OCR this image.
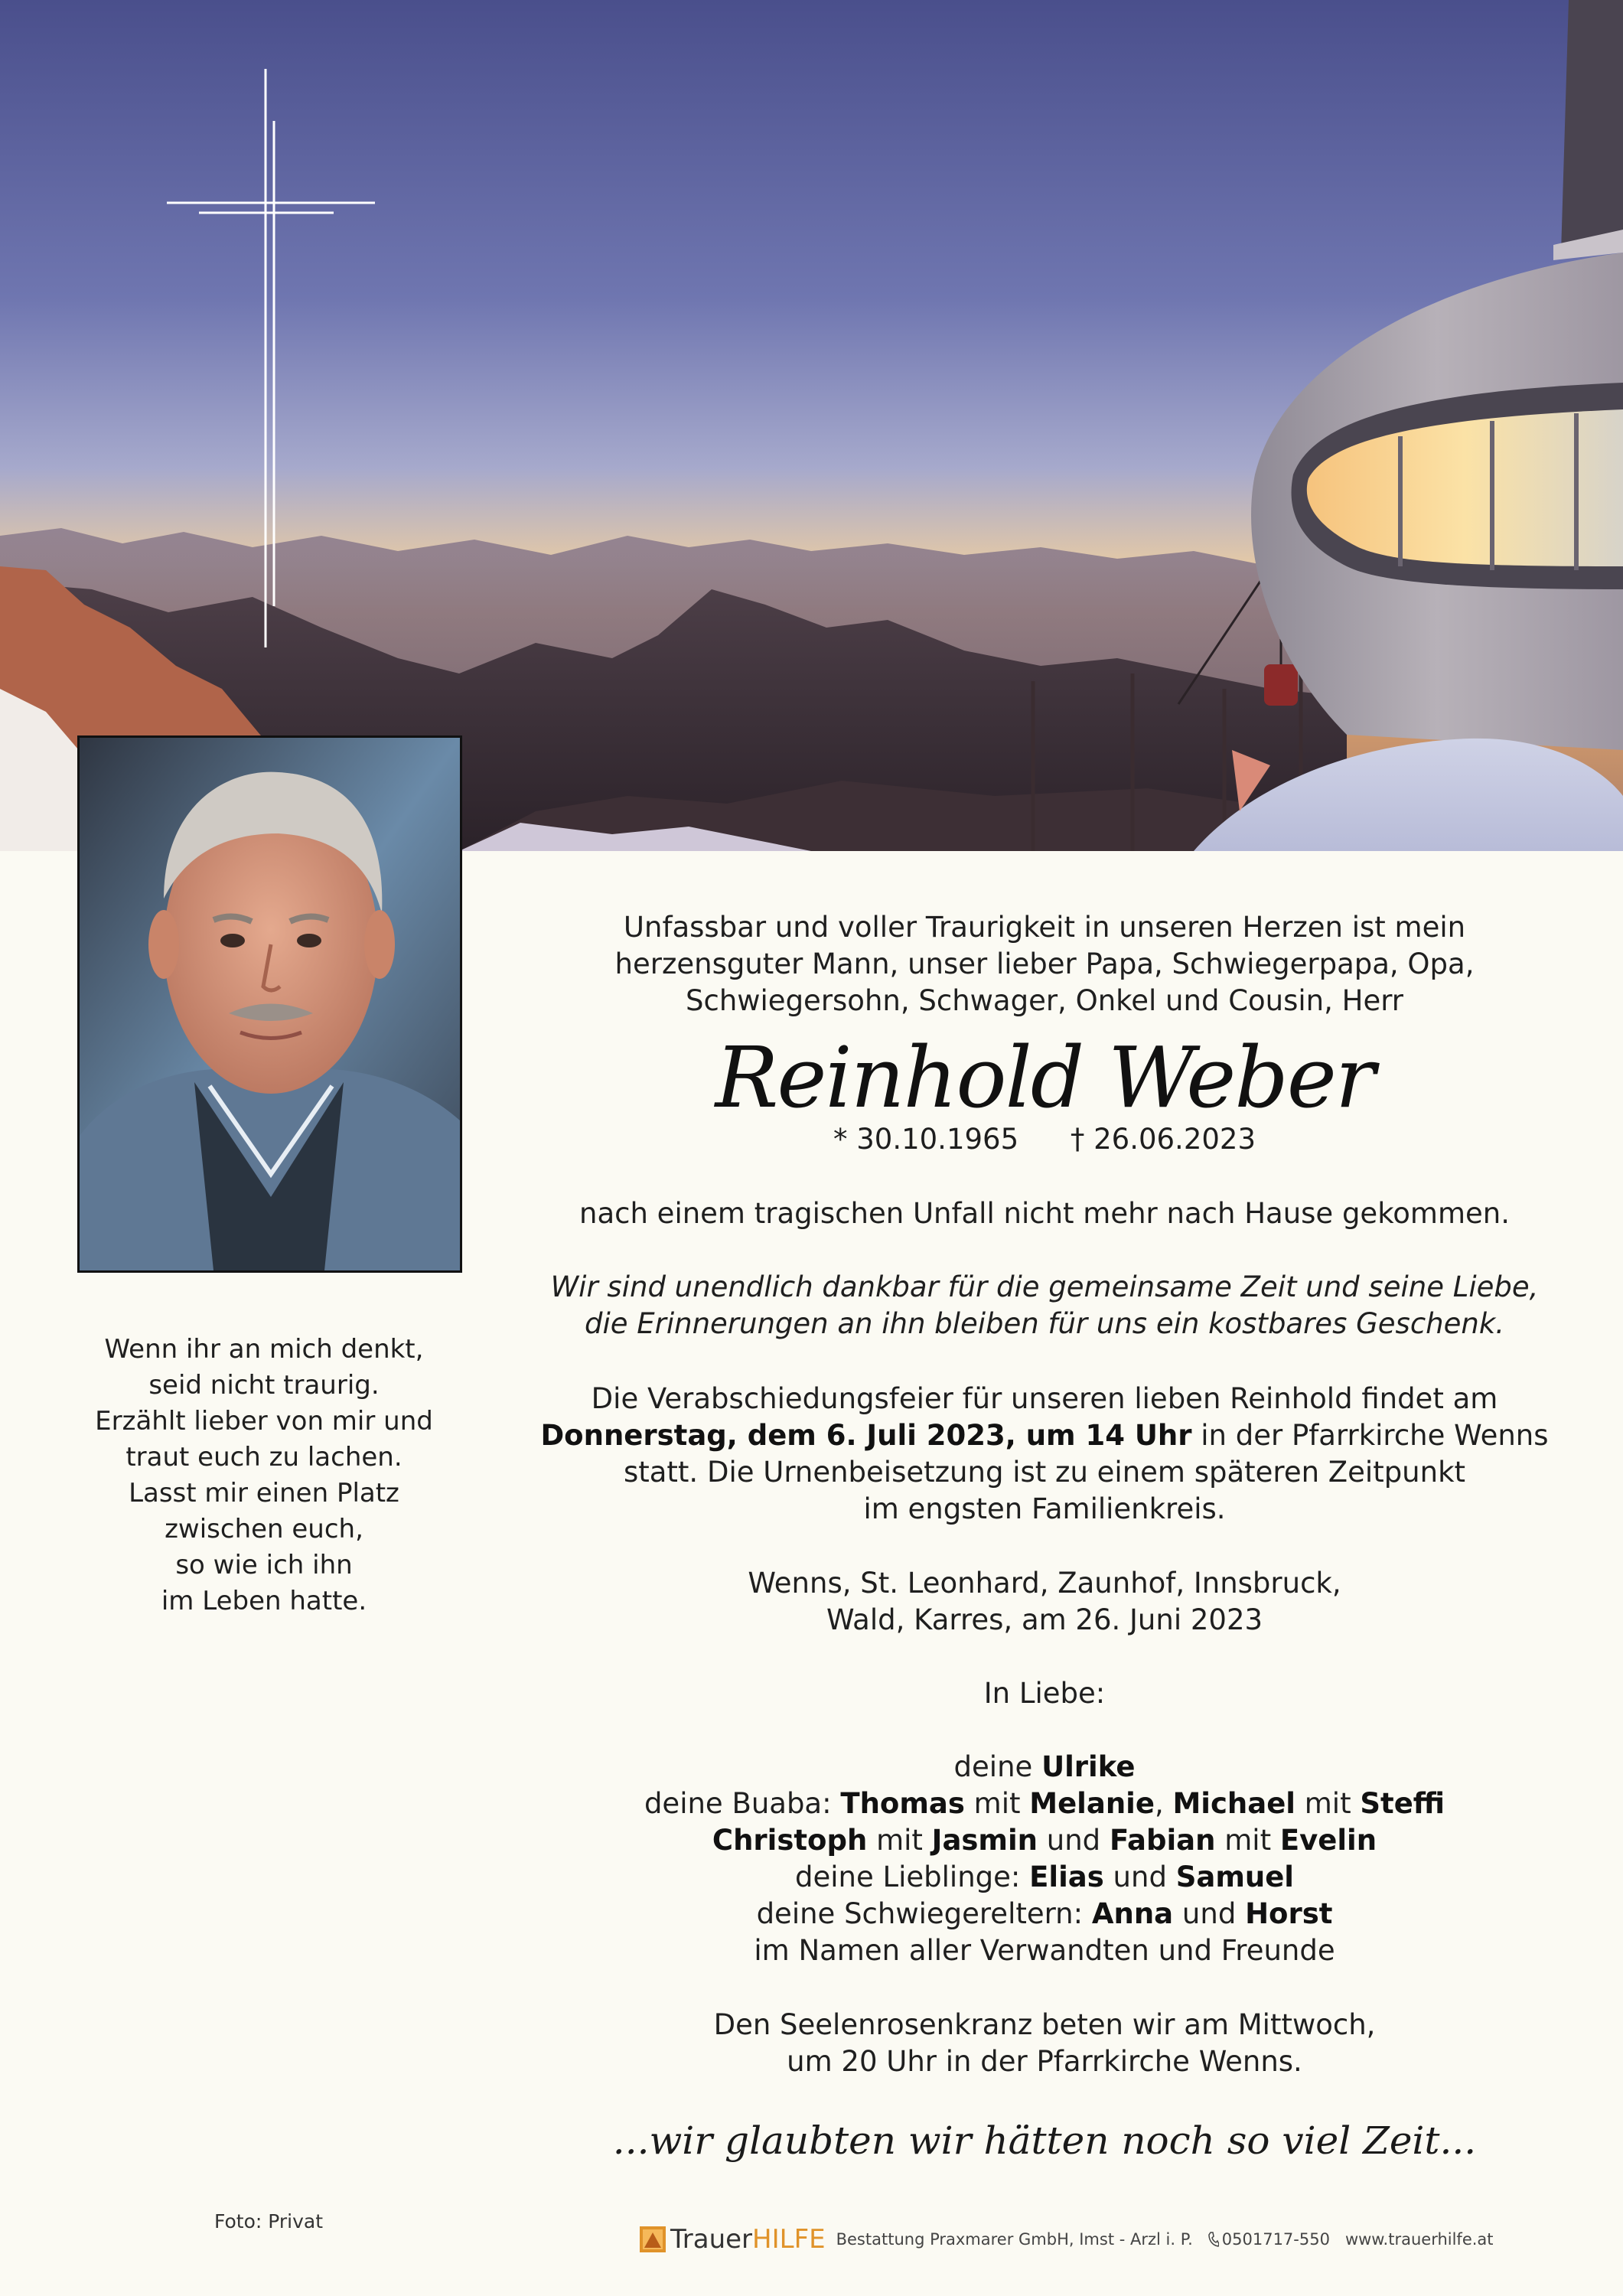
Wenn ihr an mich denkt,
seid nicht traurig.
Erzählt lieber von mir und
traut euch zu lachen.
Lasst mir einen Platz
zwischen euch,
so wie ich ihn
im Leben hatte.
Unfassbar und voller Traurigkeit in unseren Herzen ist mein
herzensguter Mann, unser lieber Papa, Schwiegerpapa, Opa,
Schwiegersohn, Schwager, Onkel und Cousin, Herr
Reinhold Weber
* 30.10.1965 † 26.06.2023
nach einem tragischen Unfall nicht mehr nach Hause gekommen.
Wir sind unendlich dankbar für die gemeinsame Zeit und seine Liebe,
die Erinnerungen an ihn bleiben für uns ein kostbares Geschenk.
Die Verabschiedungsfeier für unseren lieben Reinhold findet am
Donnerstag, dem 6. Juli 2023, um 14 Uhr in der Pfarrkirche Wenns
statt. Die Urnenbeisetzung ist zu einem späteren Zeitpunkt
im engsten Familienkreis.
Wenns, St. Leonhard, Zaunhof, Innsbruck,
Wald, Karres, am 26. Juni 2023
In Liebe:
deine Ulrike
deine Buaba: Thomas mit Melanie, Michael mit Steffi
Christoph mit Jasmin und Fabian mit Evelin
deine Lieblinge: Elias und Samuel
deine Schwiegereltern: Anna und Horst
im Namen aller Verwandten und Freunde
Den Seelenrosenkranz beten wir am Mittwoch,
um 20 Uhr in der Pfarrkirche Wenns.
...wir glaubten wir hätten noch so viel Zeit...
Foto: Privat
Trauer HILFE Bestattung Praxmarer GmbH, Imst - Arzl i. P. 0501717-550 www.trauerhilfe.at
